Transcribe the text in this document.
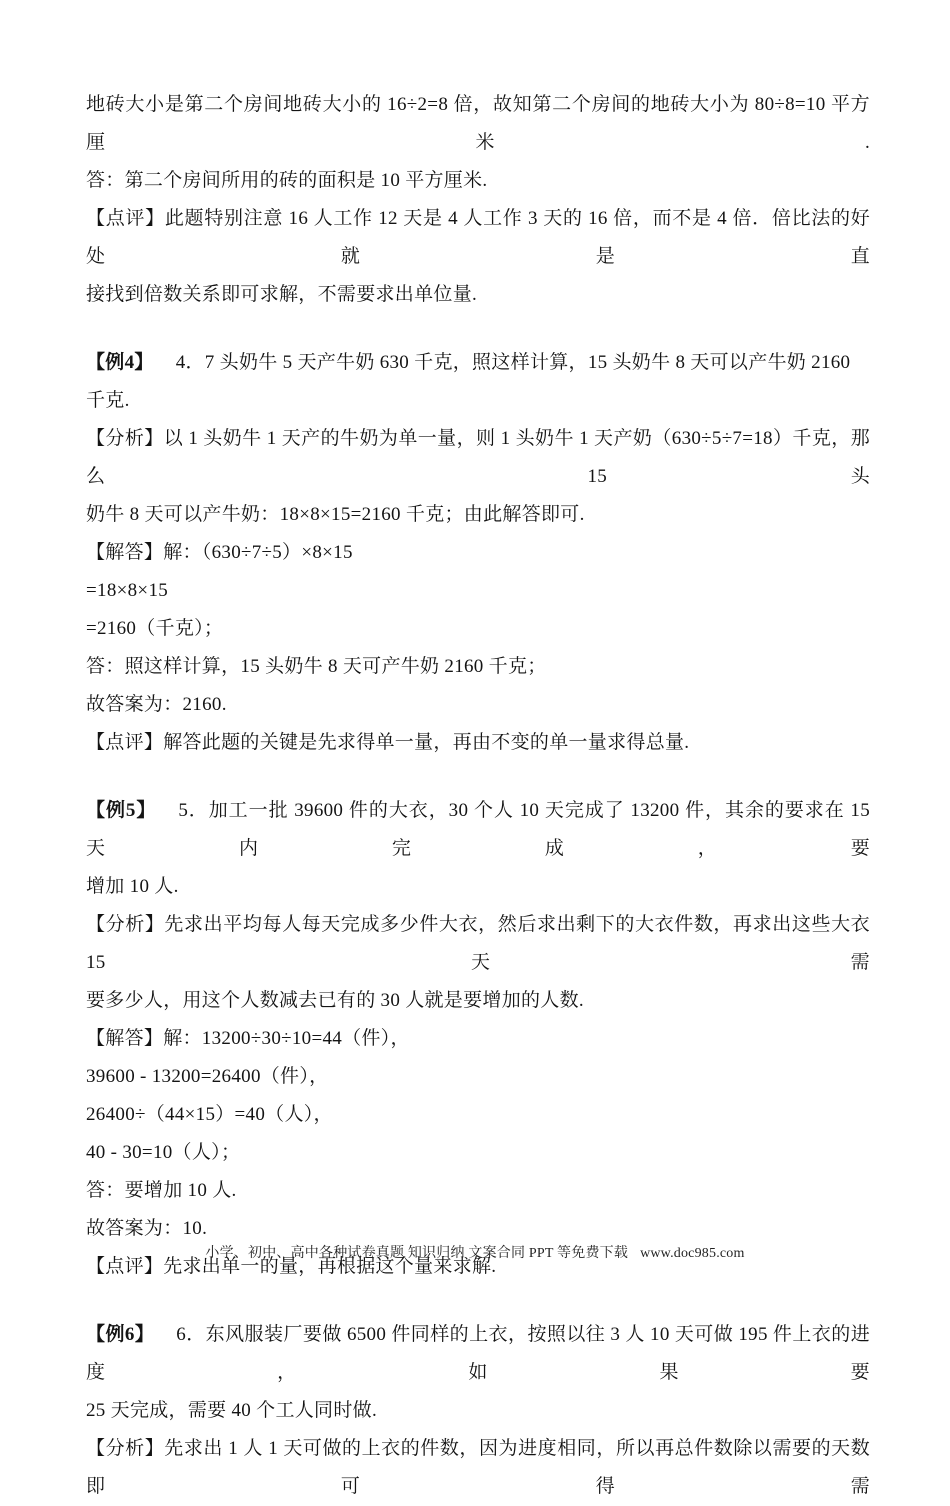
地砖大小是第二个房间地砖大小的 16÷2=8 倍，故知第二个房间的地砖大小为 80÷8=10 平方厘米.

答：第二个房间所用的砖的面积是 10 平方厘米.

【点评】此题特别注意 16 人工作 12 天是 4 人工作 3 天的 16 倍，而不是 4 倍．倍比法的好处就是直

接找到倍数关系即可求解，不需要求出单位量.

【例4】 4．7 头奶牛 5 天产牛奶 630 千克，照这样计算，15 头奶牛 8 天可以产牛奶 2160 千克.

【分析】以 1 头奶牛 1 天产的牛奶为单一量，则 1 头奶牛 1 天产奶（630÷5÷7=18）千克，那么 15 头

奶牛 8 天可以产牛奶：18×8×15=2160 千克；由此解答即可.

【解答】解：（630÷7÷5）×8×15

=18×8×15

=2160（千克）；

答：照这样计算，15 头奶牛 8 天可产牛奶 2160 千克；

故答案为：2160.

【点评】解答此题的关键是先求得单一量，再由不变的单一量求得总量.

【例5】 5．加工一批 39600 件的大衣，30 个人 10 天完成了 13200 件，其余的要求在 15 天内完成，要

增加 10 人.

【分析】先求出平均每人每天完成多少件大衣，然后求出剩下的大衣件数，再求出这些大衣 15 天需

要多少人，用这个人数减去已有的 30 人就是要增加的人数.

【解答】解：13200÷30÷10=44（件），

39600 - 13200=26400（件），

26400÷（44×15）=40（人），

40 - 30=10（人）；

答：要增加 10 人.

故答案为：10.

【点评】先求出单一的量，再根据这个量来求解.

【例6】 6．东风服装厂要做 6500 件同样的上衣，按照以往 3 人 10 天可做 195 件上衣的进度，如果要

25 天完成，需要 40 个工人同时做.

【分析】先求出 1 人 1 天可做的上衣的件数，因为进度相同，所以再总件数除以需要的天数即可得需

小学、初中、高中各种试卷真题 知识归纳 文案合同 PPT 等免费下载 www.doc985.com
